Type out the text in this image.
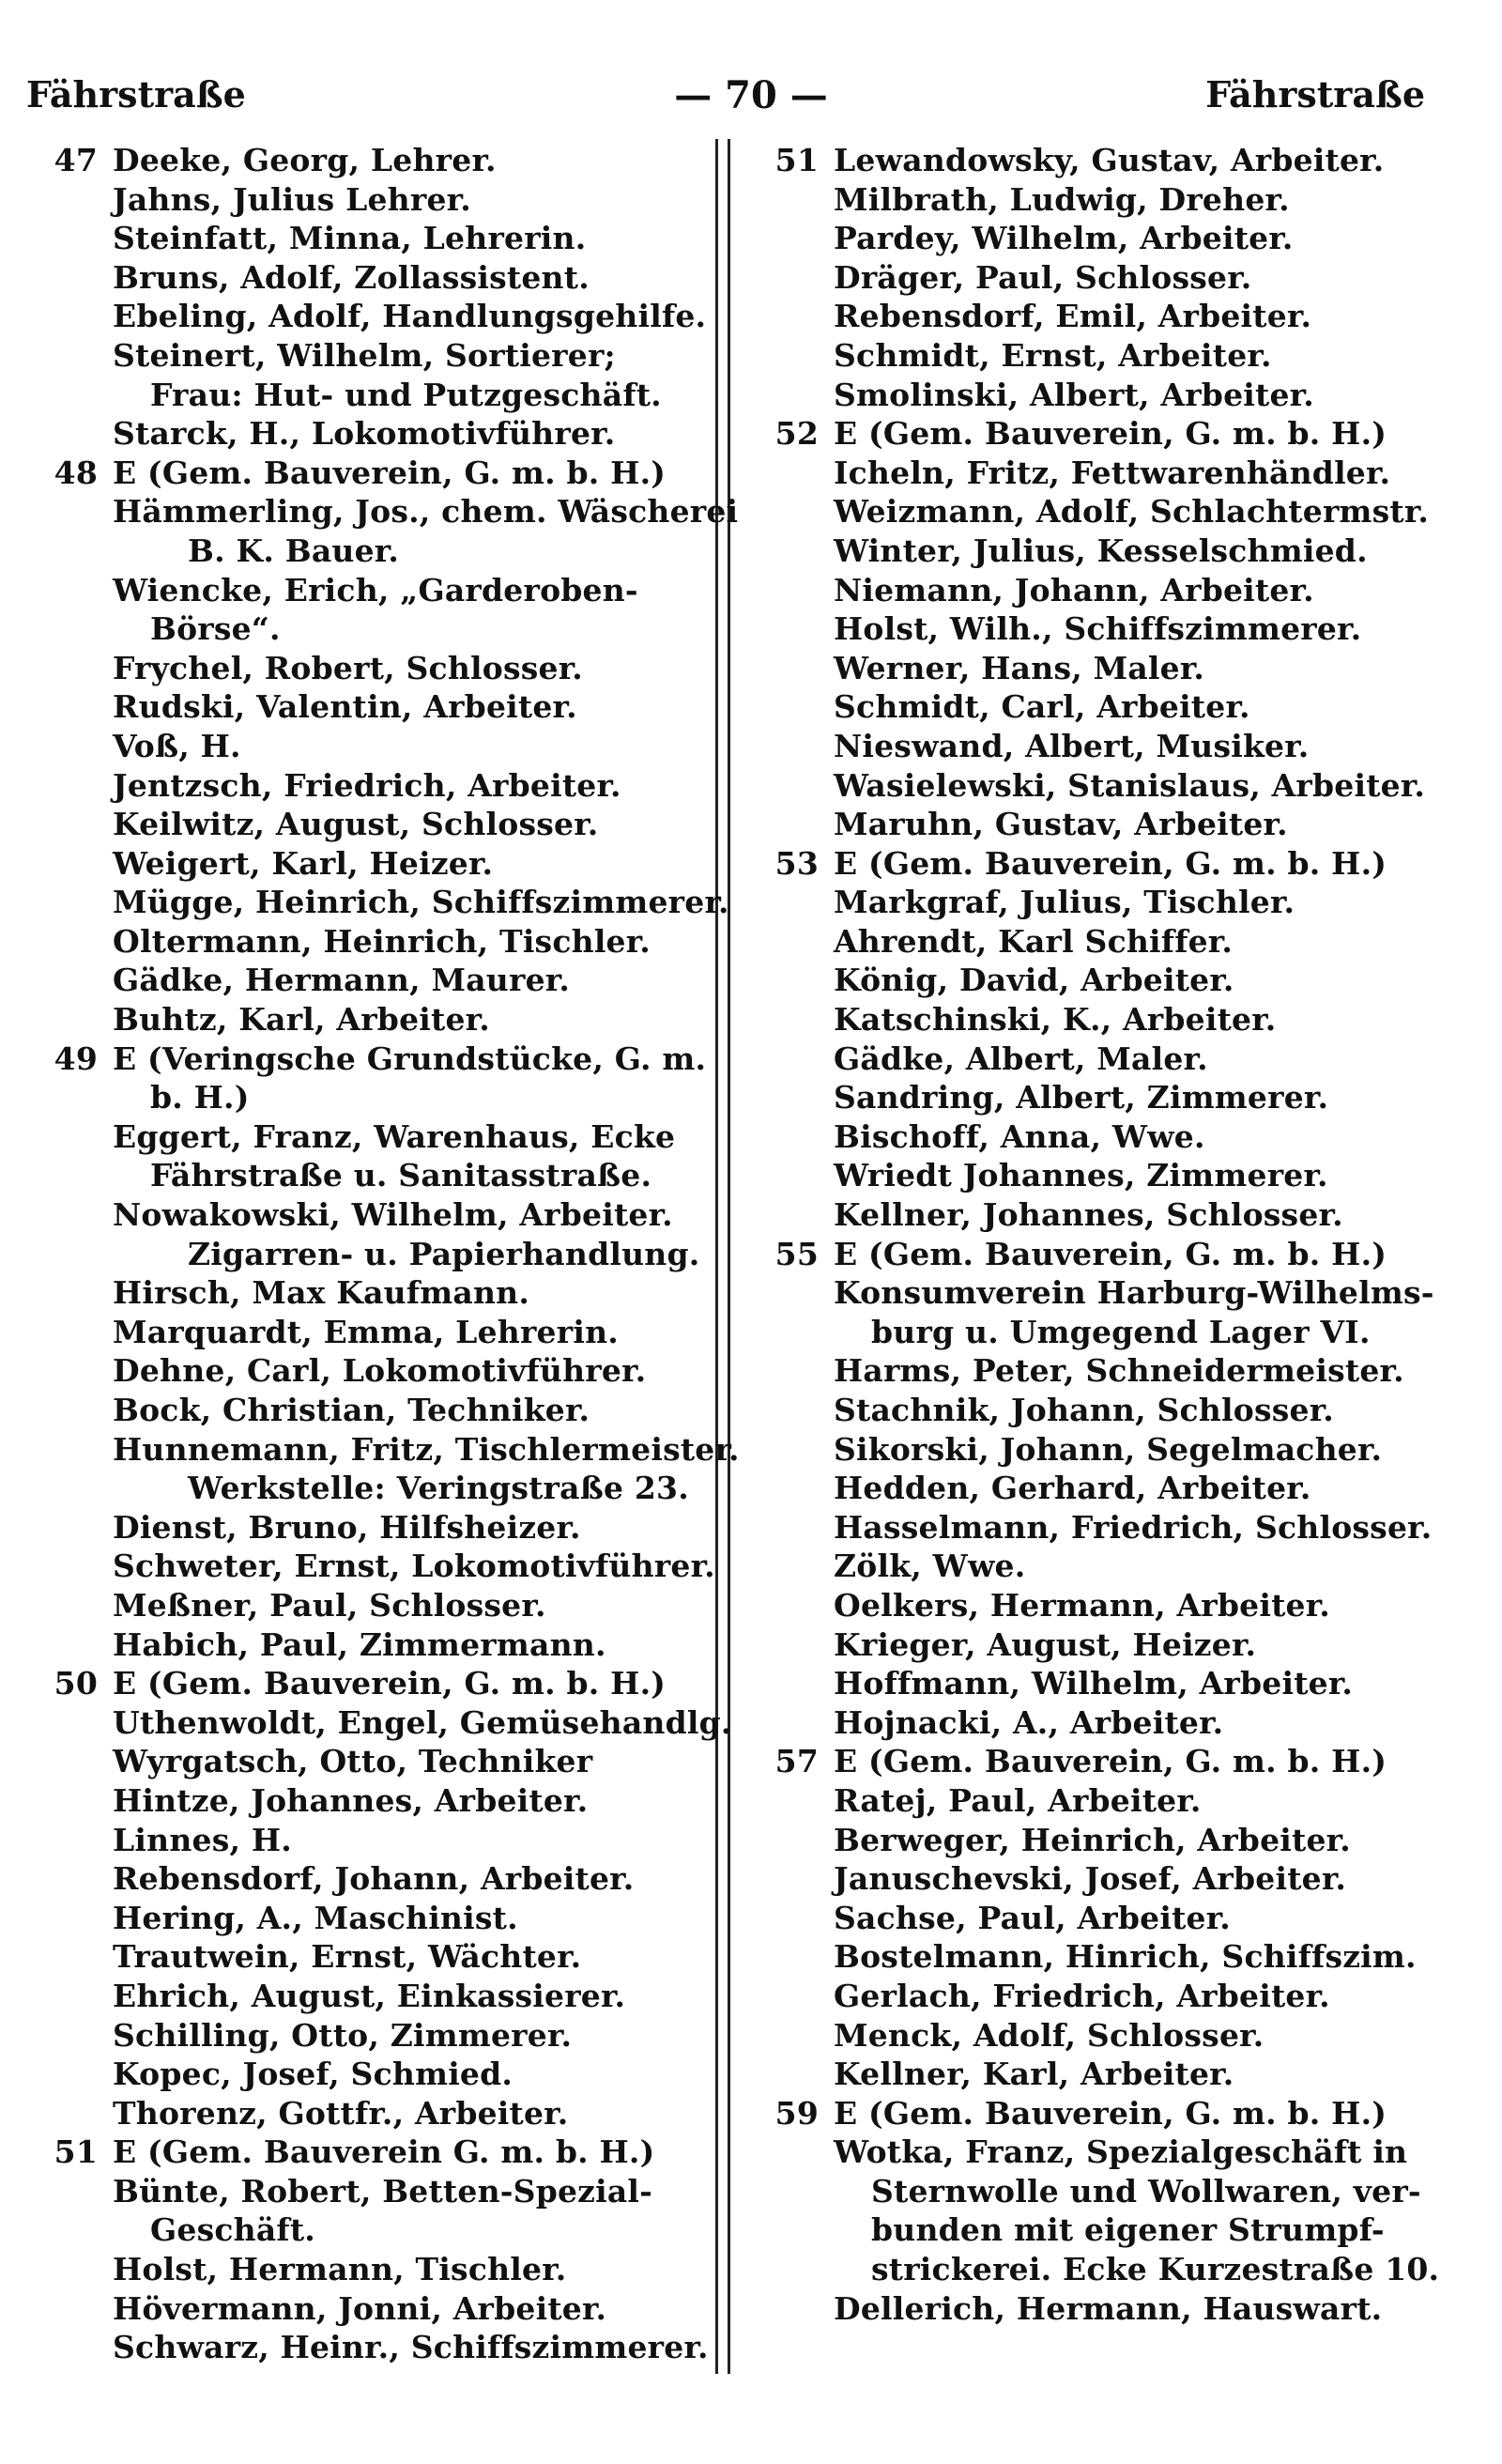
Fährstraße	— 70 —	Fährstraße
47 Deeke, Georg, Lehrer.
Jahns, Julius Lehrer.
Steinfatt, Minna, Lehrerin.
Bruns, Adolf, Zollassistent.
Ebeling, Adolf, Handlungsgehilfe.
Steinert, Wilhelm, Sortierer;
Frau: Hut- und Putzgeschäft.
Starck, H., Lokomotivführer.
48 E (Gem. Bauverein, G. m. b. H.)
Hämmerling, Jos., chem. Wäscherei
B. K. Bauer.
Wiencke, Erich, „Garderoben-
Börse“.
Frychel, Robert, Schlosser.
Rudski, Valentin, Arbeiter.
Voß, H.
Jentzsch, Friedrich, Arbeiter.
Keilwitz, August, Schlosser.
Weigert, Karl, Heizer.
Mügge, Heinrich, Schiffszimmerer.
Oltermann, Heinrich, Tischler.
Gädke, Hermann, Maurer.
Buhtz, Karl, Arbeiter.
49 E (Veringsche Grundstücke, G. m.
b. H.)
Eggert, Franz, Warenhaus, Ecke
Fährstraße u. Sanitasstraße.
Nowakowski, Wilhelm, Arbeiter.
Zigarren- u. Papierhandlung.
Hirsch, Max Kaufmann.
Marquardt, Emma, Lehrerin.
Dehne, Carl, Lokomotivführer.
Bock, Christian, Techniker.
Hunnemann, Fritz, Tischlermeister.
Werkstelle: Veringstraße 23.
Dienst, Bruno, Hilfsheizer.
Schweter, Ernst, Lokomotivführer.
Meßner, Paul, Schlosser.
Habich, Paul, Zimmermann.
50 E (Gem. Bauverein, G. m. b. H.)
Uthenwoldt, Engel, Gemüsehandlg.
Wyrgatsch, Otto, Techniker
Hintze, Johannes, Arbeiter.
Linnes, H.
Rebensdorf, Johann, Arbeiter.
Hering, A., Maschinist.
Trautwein, Ernst, Wächter.
Ehrich, August, Einkassierer.
Schilling, Otto, Zimmerer.
Kopec, Josef, Schmied.
Thorenz, Gottfr., Arbeiter.
51 E (Gem. Bauverein G. m. b. H.)
Bünte, Robert, Betten-Spezial-
Geschäft.
Holst, Hermann, Tischler.
Hövermann, Jonni, Arbeiter.
Schwarz, Heinr., Schiffszimmerer.
51 Lewandowsky, Gustav, Arbeiter.
Milbrath, Ludwig, Dreher.
Pardey, Wilhelm, Arbeiter.
Dräger, Paul, Schlosser.
Rebensdorf, Emil, Arbeiter.
Schmidt, Ernst, Arbeiter.
Smolinski, Albert, Arbeiter.
52 E (Gem. Bauverein, G. m. b. H.)
Icheln, Fritz, Fettwarenhändler.
Weizmann, Adolf, Schlachtermstr.
Winter, Julius, Kesselschmied.
Niemann, Johann, Arbeiter.
Holst, Wilh., Schiffszimmerer.
Werner, Hans, Maler.
Schmidt, Carl, Arbeiter.
Nieswand, Albert, Musiker.
Wasielewski, Stanislaus, Arbeiter.
Maruhn, Gustav, Arbeiter.
53 E (Gem. Bauverein, G. m. b. H.)
Markgraf, Julius, Tischler.
Ahrendt, Karl Schiffer.
König, David, Arbeiter.
Katschinski, K., Arbeiter.
Gädke, Albert, Maler.
Sandring, Albert, Zimmerer.
Bischoff, Anna, Wwe.
Wriedt Johannes, Zimmerer.
Kellner, Johannes, Schlosser.
55 E (Gem. Bauverein, G. m. b. H.)
Konsumverein Harburg-Wilhelms-
burg u. Umgegend Lager VI.
Harms, Peter, Schneidermeister.
Stachnik, Johann, Schlosser.
Sikorski, Johann, Segelmacher.
Hedden, Gerhard, Arbeiter.
Hasselmann, Friedrich, Schlosser.
Zölk, Wwe.
Oelkers, Hermann, Arbeiter.
Krieger, August, Heizer.
Hoffmann, Wilhelm, Arbeiter.
Hojnacki, A., Arbeiter.
57 E (Gem. Bauverein, G. m. b. H.)
Ratej, Paul, Arbeiter.
Berweger, Heinrich, Arbeiter.
Januschevski, Josef, Arbeiter.
Sachse, Paul, Arbeiter.
Bostelmann, Hinrich, Schiffszim.
Gerlach, Friedrich, Arbeiter.
Menck, Adolf, Schlosser.
Kellner, Karl, Arbeiter.
59 E (Gem. Bauverein, G. m. b. H.)
Wotka, Franz, Spezialgeschäft in
Sternwolle und Wollwaren, ver-
bunden mit eigener Strumpf-
strickerei. Ecke Kurzestraße 10.
Dellerich, Hermann, Hauswart.
